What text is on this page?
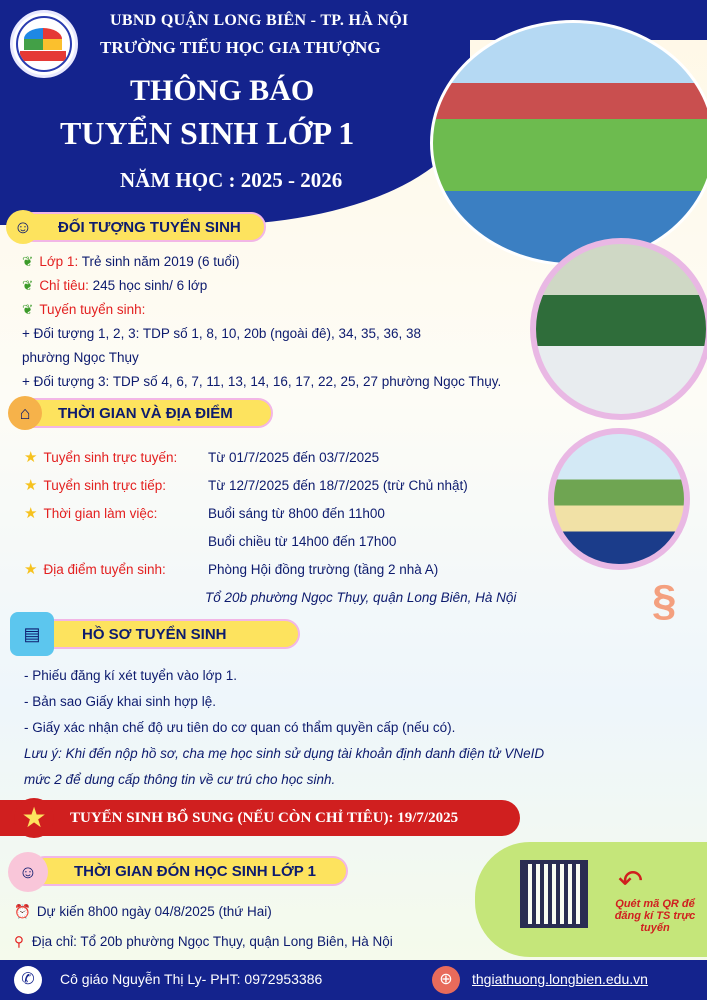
UBND QUẬN LONG BIÊN - TP. HÀ NỘI
TRƯỜNG TIỂU HỌC GIA THƯỢNG
THÔNG BÁO
TUYỂN SINH LỚP 1
NĂM HỌC : 2025 - 2026
ĐỐI TƯỢNG TUYỂN SINH
☺
❦ Lớp 1: Trẻ sinh năm 2019 (6 tuổi)
❦ Chỉ tiêu: 245 học sinh/ 6 lớp
❦ Tuyến tuyển sinh:
+ Đối tượng 1, 2, 3: TDP số 1, 8, 10, 20b (ngoài đê), 34, 35, 36, 38
phường Ngọc Thụy
+ Đối tượng 3: TDP số 4, 6, 7, 11, 13, 14, 16, 17, 22, 25, 27 phường Ngọc Thụy.
THỜI GIAN VÀ ĐỊA ĐIỂM
⌂
★ Tuyển sinh trực tuyến: Từ 01/7/2025 đến 03/7/2025
★ Tuyển sinh trực tiếp:	Từ 12/7/2025 đến 18/7/2025 (trừ Chủ nhật)
★ Thời gian làm việc:	Buổi sáng từ 8h00 đến 11h00
Buổi chiều từ 14h00 đến 17h00
★ Địa điểm tuyển sinh:	Phòng Hội đồng trường (tầng 2 nhà A)
Tổ 20b phường Ngọc Thụy, quận Long Biên, Hà Nội	§
HỒ SƠ TUYỂN SINH
▤
- Phiếu đăng kí xét tuyển vào lớp 1.
- Bản sao Giấy khai sinh hợp lệ.
- Giấy xác nhận chế độ ưu tiên do cơ quan có thẩm quyền cấp (nếu có).
Lưu ý: Khi đến nộp hồ sơ, cha mẹ học sinh sử dụng tài khoản định danh điện tử VNeID
mức 2 để dung cấp thông tin về cư trú cho học sinh.
TUYỂN SINH BỔ SUNG (NẾU CÒN CHỈ TIÊU): 19/7/2025
★
THỜI GIAN ĐÓN HỌC SINH LỚP 1
☺
⏰ Dự kiến 8h00 ngày 04/8/2025 (thứ Hai)
⚲ Địa chỉ: Tổ 20b phường Ngọc Thụy, quận Long Biên, Hà Nội
↶
Quét mã QR để đăng kí TS trực tuyến
✆	Cô giáo Nguyễn Thị Ly- PHT: 0972953386	⊕	thgiathuong.longbien.edu.vn
